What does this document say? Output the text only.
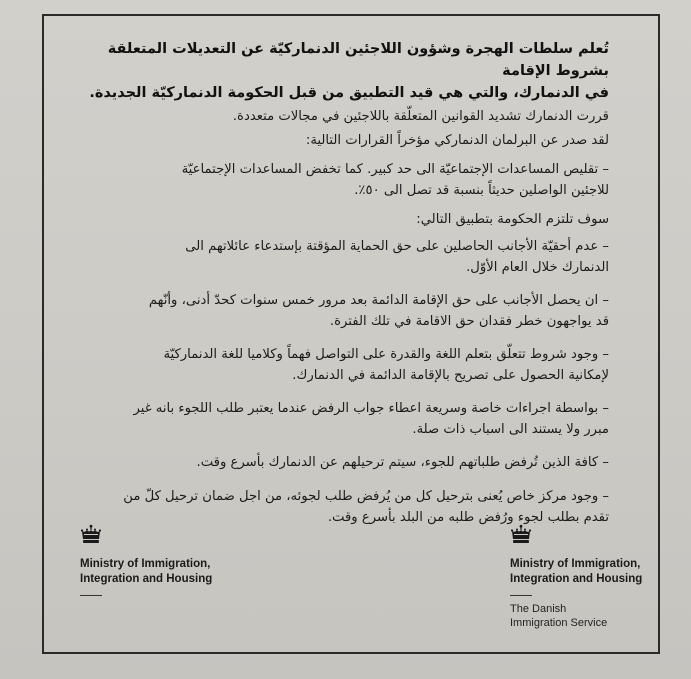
تُعلم سلطات الهجرة وشؤون اللاجئين الدنماركيّة عن التعديلات المتعلقة بشروط الإقامة
في الدنمارك، والتي هي قيد التطبيق من قبل الحكومة الدنماركيّة الجديدة.
قررت الدنمارك تشديد القوانين المتعلّقة باللاجئين في مجالات متعددة.
لقد صدر عن البرلمان الدنماركي مؤخراً القرارات التالية:
– تقليص المساعدات الإجتماعيّة الى حد كبير. كما تخفض المساعدات الإجتماعيّة
للاجئين الواصلين حديثاً بنسبة قد تصل الى ٥٠٪.
سوف تلتزم الحكومة بتطبيق التالي:
– عدم أحقيّة الأجانب الحاصلين على حق الحماية المؤقتة بإستدعاء عائلاتهم الى
الدنمارك خلال العام الأوّل.
– ان يحصل الأجانب على حق الإقامة الدائمة بعد مرور خمس سنوات كحدّ أدنى، وأنّهم
قد يواجهون خطر فقدان حق الاقامة في تلك الفترة.
– وجود شروط تتعلّق بتعلم اللغة والقدرة على التواصل فهماً وكلاميا للغة الدنماركيّة
لإمكانية الحصول على تصريح بالإقامة الدائمة في الدنمارك.
– بواسطة اجراءات خاصة وسريعة اعطاء جواب الرفض عندما يعتبر طلب اللجوء بانه غير
مبرر ولا يستند الى اسباب ذات صلة.
– كافة الذين تُرفض طلباتهم للجوء، سيتم ترحيلهم عن الدنمارك بأسرع وقت.
– وجود مركز خاص يُعنى بترحيل كل من يُرفض طلب لجوئه، من اجل ضمان ترحيل كلّ من
تقدم بطلب لجوء ورُفض طلبه من البلد بأسرع وقت.
Ministry of Immigration,
Integration and Housing
Ministry of Immigration,
Integration and Housing
The Danish
Immigration Service
